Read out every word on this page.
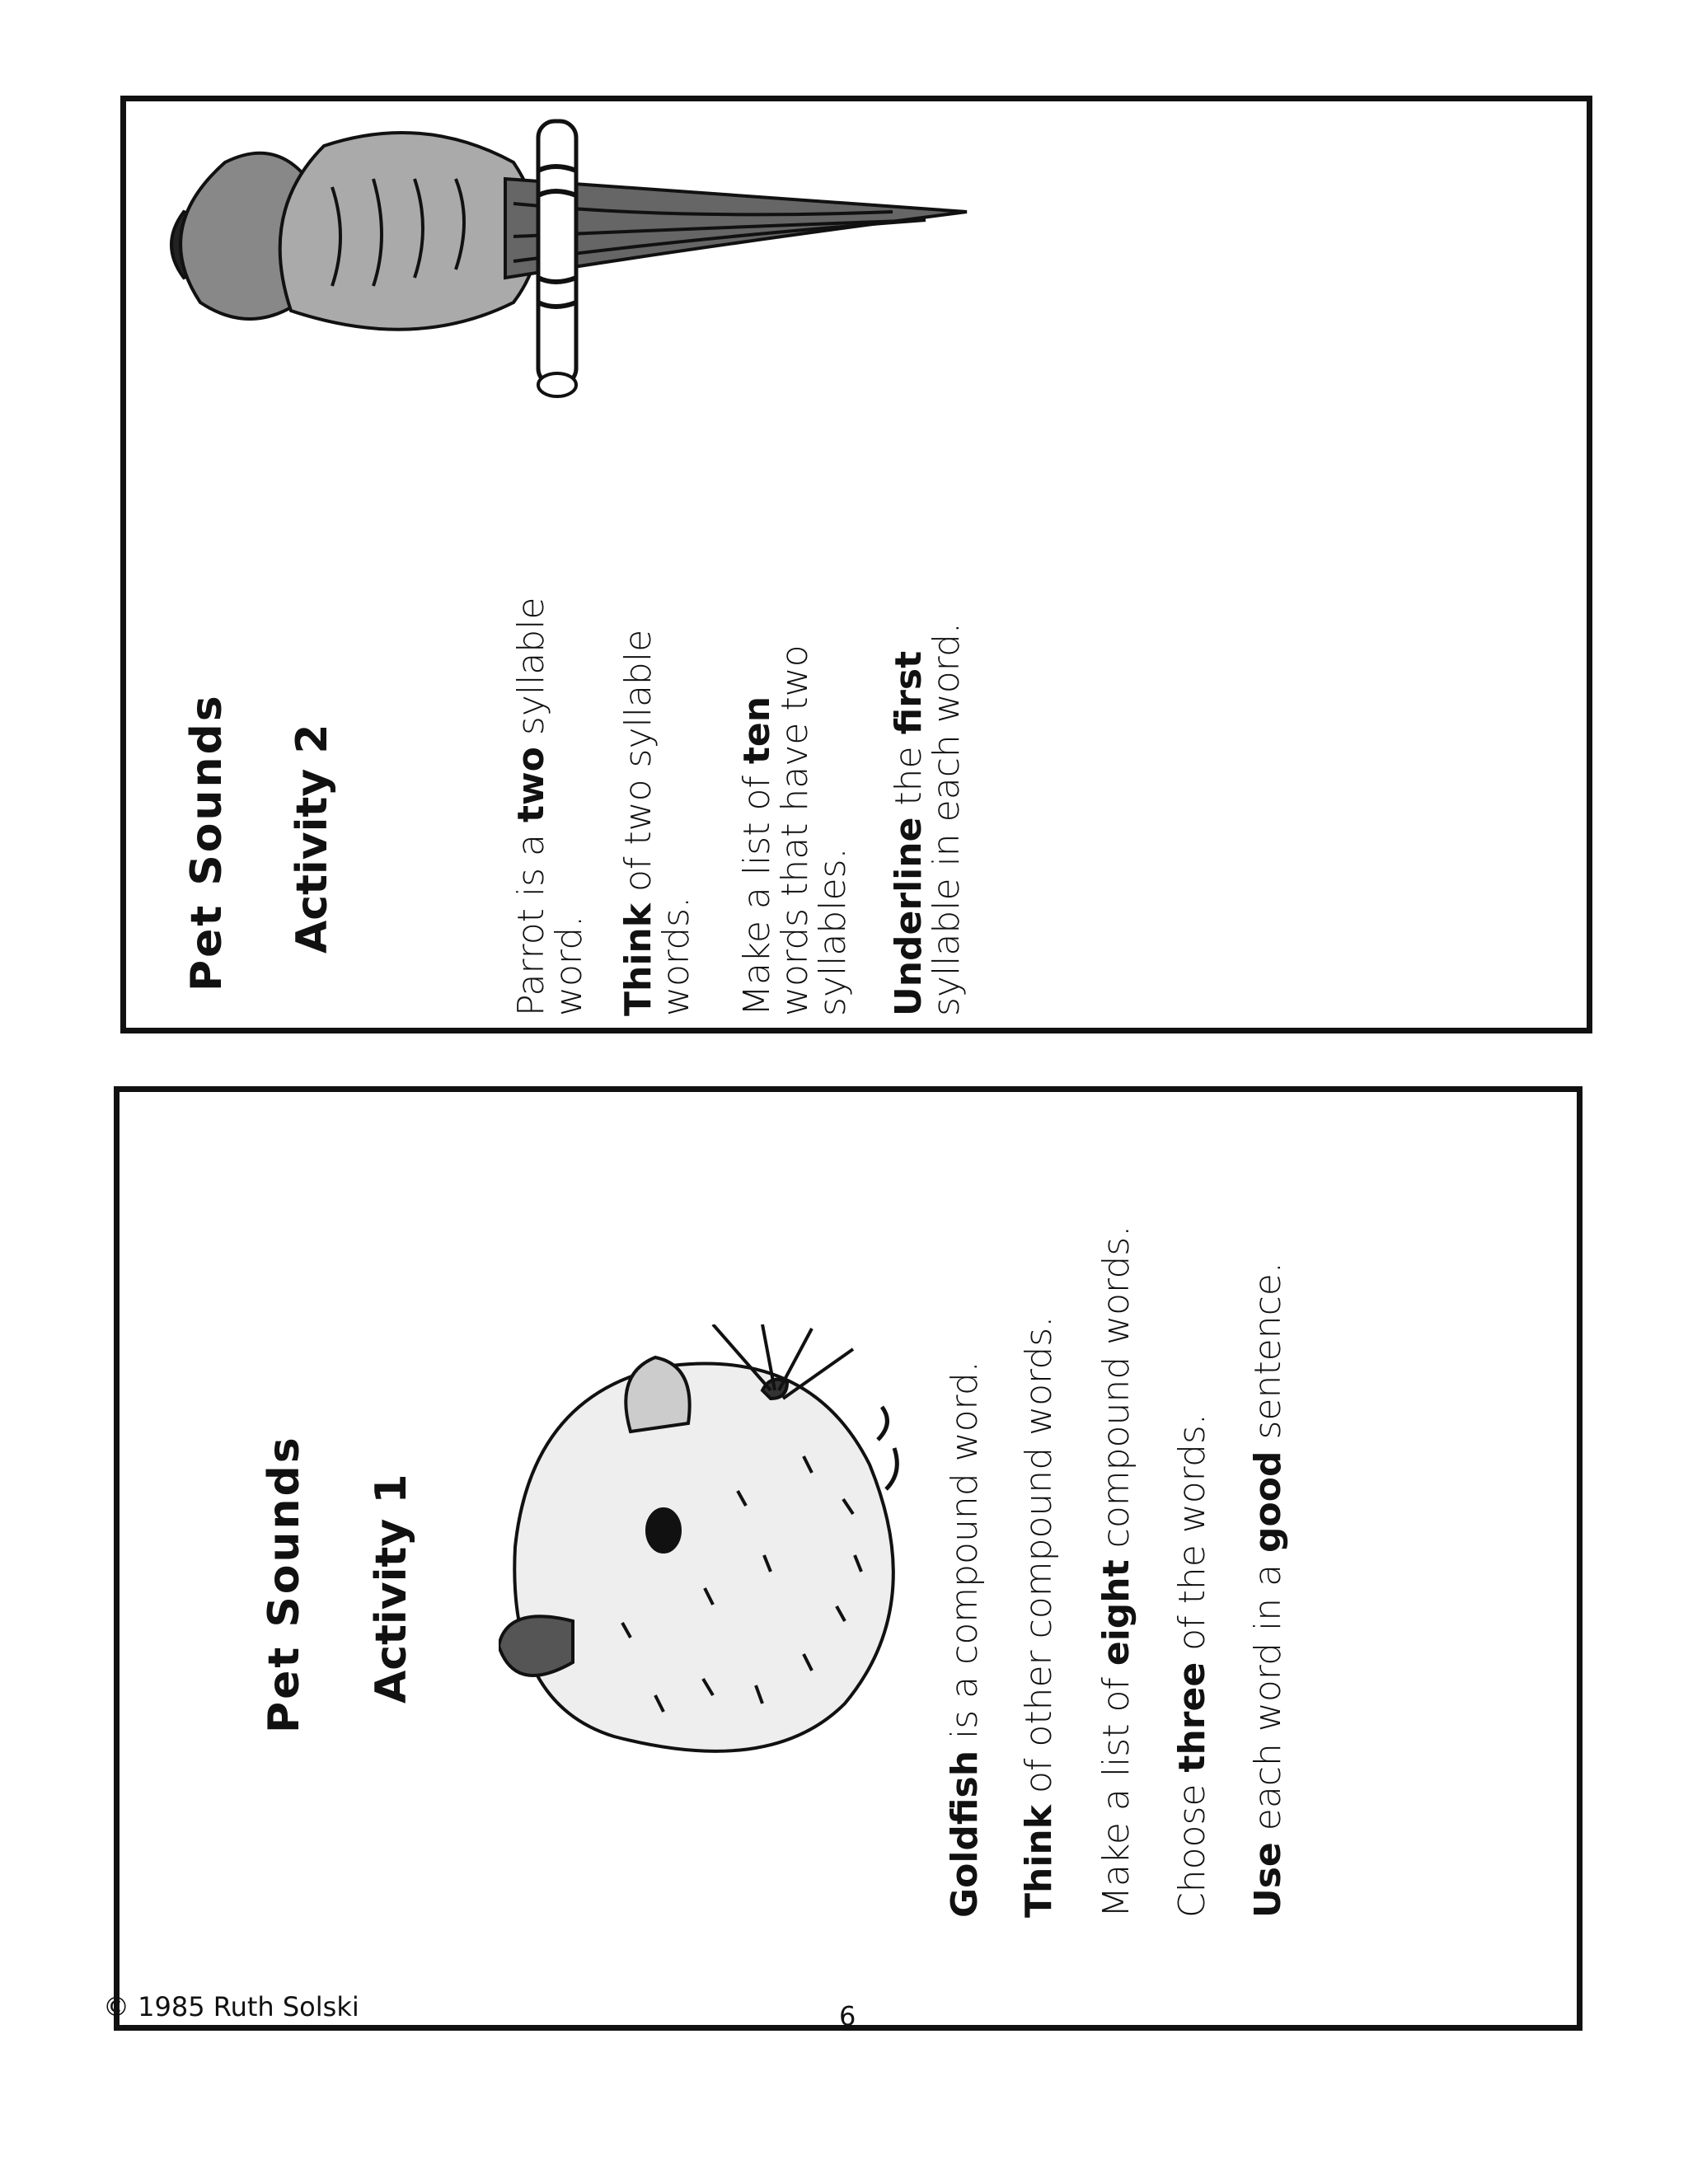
Pet Sounds Activity 2	Parrot is a two syllable
word. Think of two syllable
words. Make a list of ten
words that have two
syllables. Underline the first
syllable in each word.
Pet Sounds Activity 1
Goldfish is a compound word.
Think of other compound words. Make a list of eight compound words.
Choose three of the words.
Use each word in a good sentence.
© 1985 Ruth Solski	9
